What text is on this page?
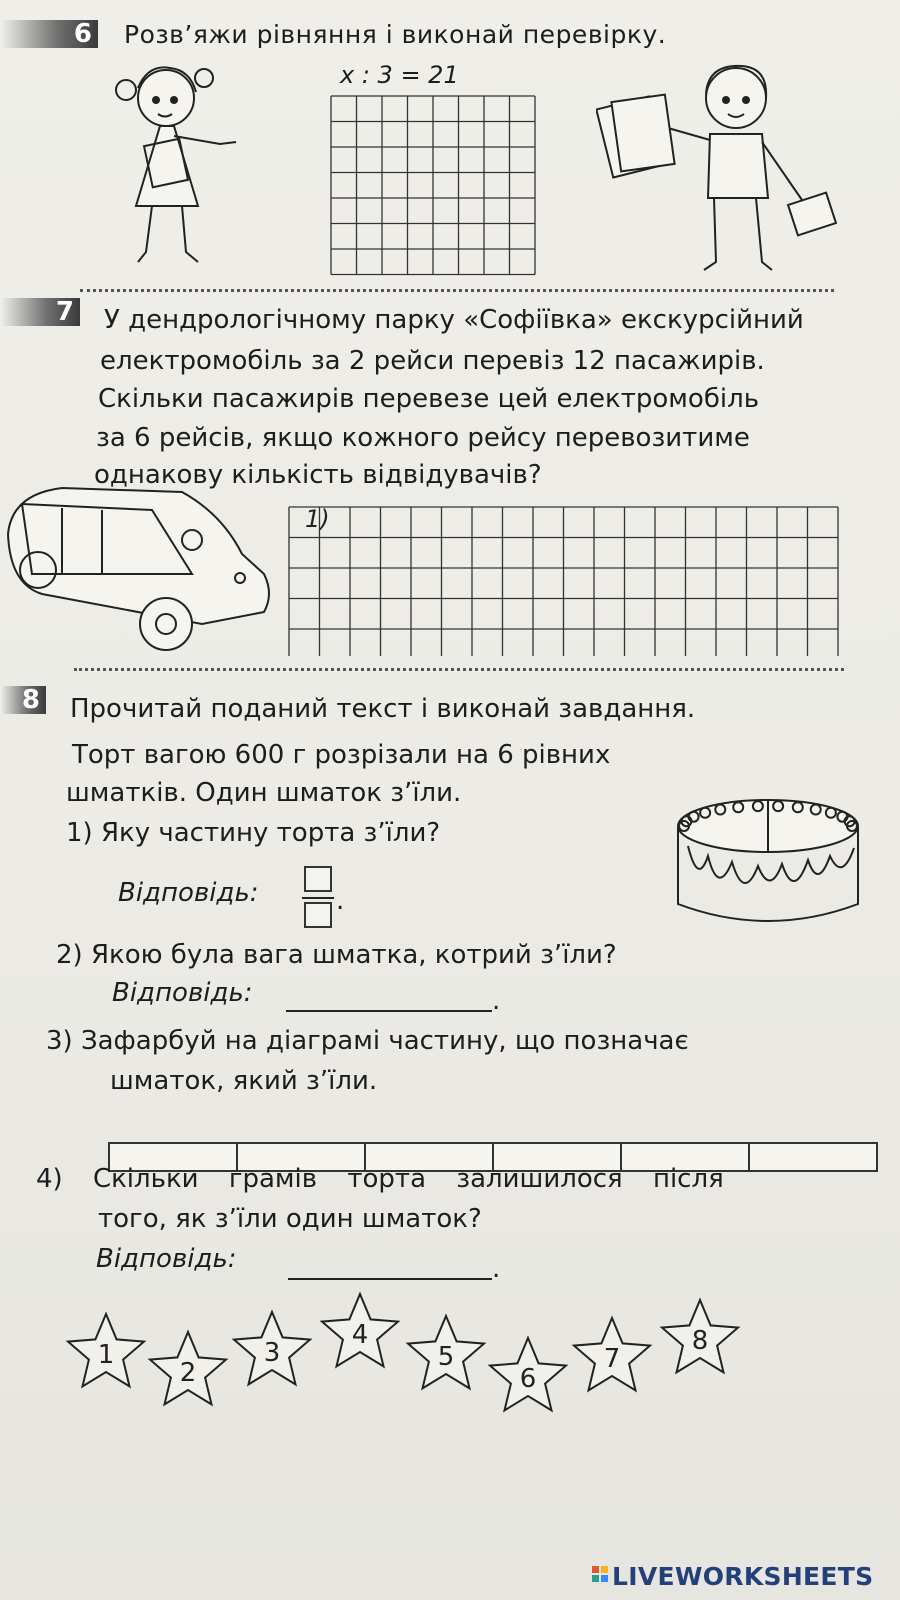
6 Розв’яжи рівняння і виконай перевірку.
x : 3 = 21
7 У дендрологічному парку «Софіївка» екскурсійний
електромобіль за 2 рейси перевіз 12 пасажирів.
Скільки пасажирів перевезе цей електромобіль
за 6 рейсів, якщо кожного рейсу перевозитиме
однакову кількість відвідувачів?
1)
8 Прочитай поданий текст і виконай завдання.
Торт вагою 600 г розрізали на 6 рівних
шматків. Один шматок з’їли.
1) Яку частину торта з’їли?
Відповідь:	.
2) Якою була вага шматка, котрий з’їли?
Відповідь:	.
3) Зафарбуй на діаграмі частину, що позначає
шматок, який з’їли.
4) Скільки грамів торта залишилося після
того, як з’їли один шматок?
Відповідь:	.
1
2
3
4
5
6
7
8
LIVEWORKSHEETS
